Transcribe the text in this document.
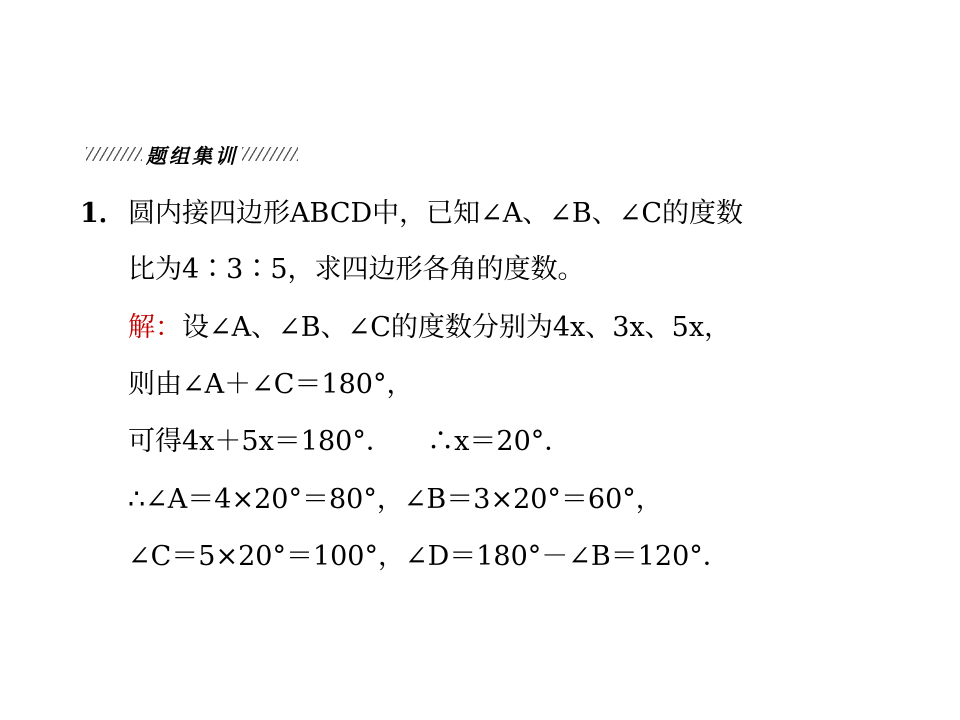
题组集训
1．圆内接四边形ABCD中，已知∠A、∠B、∠C的度数
比为4∶3∶5，求四边形各角的度数。
解：设∠A、∠B、∠C的度数分别为4x、3x、5x，
则由∠A＋∠C＝180°，
可得4x＋5x＝180°．    ∴x＝20°．
∴∠A＝4×20°＝80°，∠B＝3×20°＝60°，
∠C＝5×20°＝100°，∠D＝180°－∠B＝120°．
